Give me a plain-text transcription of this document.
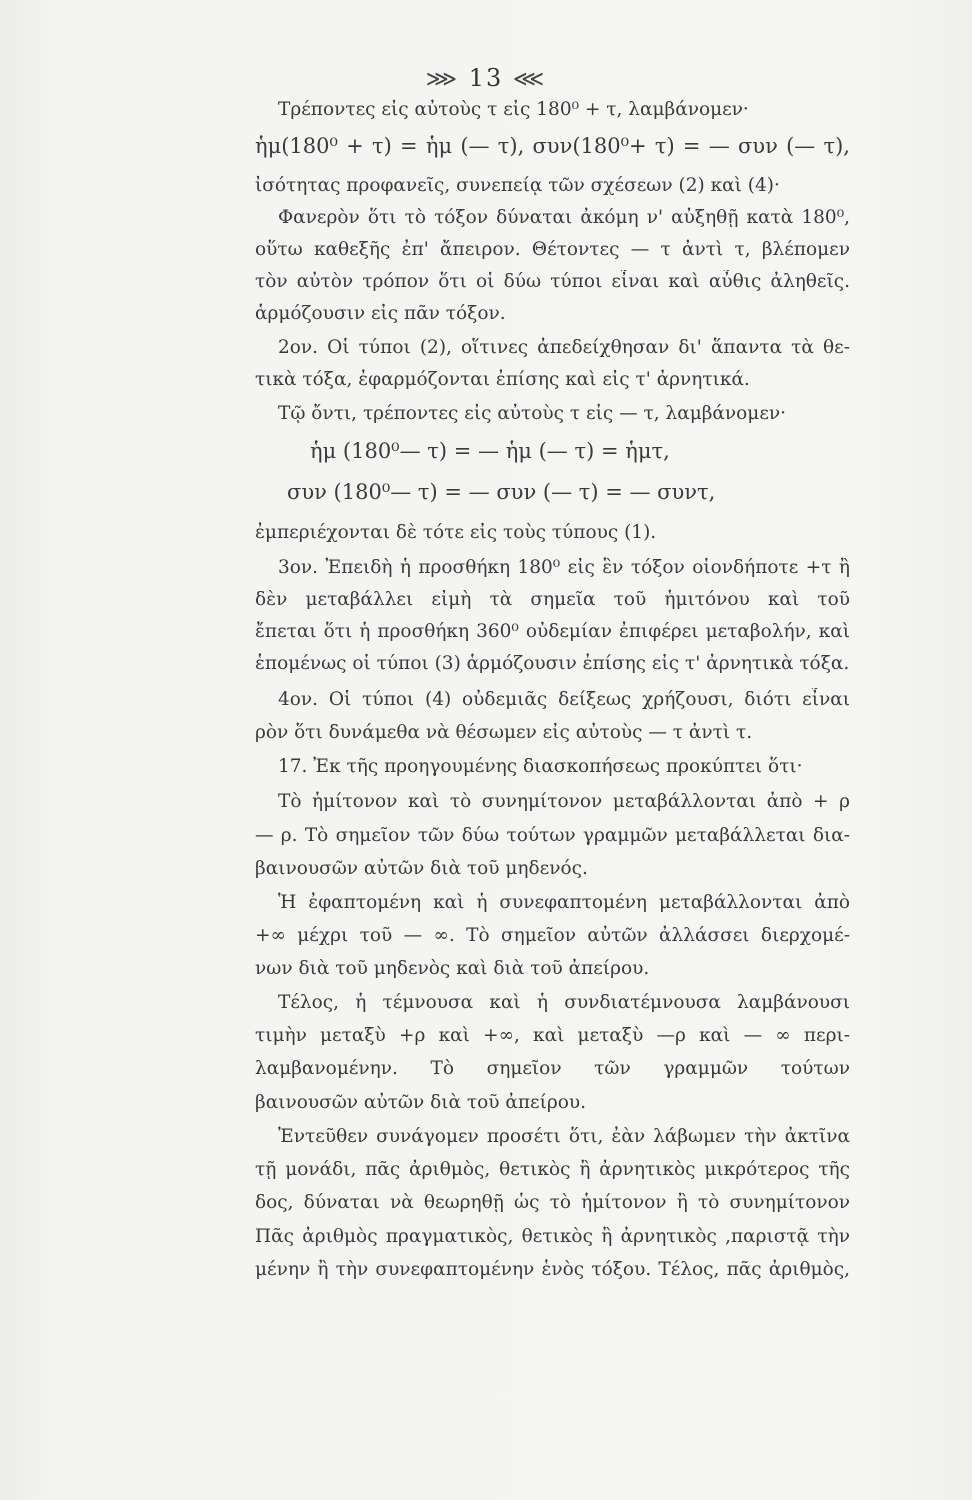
⋙ 13 ⋘
Τρέποντες εἰς αὐτοὺς τ εἰς 180⁰ + τ, λαμβάνομεν·
ἡμ(180⁰ + τ) = ἡμ (— τ), συν(180⁰+ τ) = — συν (— τ),
ἰσότητας προφανεῖς, συνεπείᾳ τῶν σχέσεων (2) καὶ (4)·
Φανερὸν ὅτι τὸ τόξον δύναται ἀκόμη ν' αὐξηθῇ κατὰ 180⁰,
οὕτω καθεξῆς ἐπ' ἄπειρον. Θέτοντες — τ ἀντὶ τ, βλέπομεν
τὸν αὐτὸν τρόπον ὅτι οἱ δύω τύποι εἶναι καὶ αὖθις ἀληθεῖς.
ἁρμόζουσιν εἰς πᾶν τόξον.
2ον. Οἱ τύποι (2), οἵτινες ἀπεδείχθησαν δι' ἅπαντα τὰ θε-
τικὰ τόξα, ἐφαρμόζονται ἐπίσης καὶ εἰς τ' ἀρνητικά.
Τῷ ὄντι, τρέποντες εἰς αὐτοὺς τ εἰς — τ, λαμβάνομεν·
ἡμ (180⁰— τ) = — ἡμ (— τ) = ἡμτ,
συν (180⁰— τ) = — συν (— τ) = — συντ,
ἐμπεριέχονται δὲ τότε εἰς τοὺς τύπους (1).
3ον. Ἐπειδὴ ἡ προσθήκη 180⁰ εἰς ἓν τόξον οἱονδήποτε +τ ἢ
δὲν μεταβάλλει εἰμὴ τὰ σημεῖα τοῦ ἡμιτόνου καὶ τοῦ
ἔπεται ὅτι ἡ προσθήκη 360⁰ οὐδεμίαν ἐπιφέρει μεταβολήν, καὶ
ἑπομένως οἱ τύποι (3) ἁρμόζουσιν ἐπίσης εἰς τ' ἀρνητικὰ τόξα.
4ον. Οἱ τύποι (4) οὐδεμιᾶς δείξεως χρήζουσι, διότι εἶναι
ρὸν ὅτι δυνάμεθα νὰ θέσωμεν εἰς αὐτοὺς — τ ἀντὶ τ.
17. Ἐκ τῆς προηγουμένης διασκοπήσεως προκύπτει ὅτι·
Τὸ ἡμίτονον καὶ τὸ συνημίτονον μεταβάλλονται ἀπὸ + ρ
— ρ. Τὸ σημεῖον τῶν δύω τούτων γραμμῶν μεταβάλλεται δια-
βαινουσῶν αὐτῶν διὰ τοῦ μηδενός.
Ἡ ἐφαπτομένη καὶ ἡ συνεφαπτομένη μεταβάλλονται ἀπὸ
+∞ μέχρι τοῦ — ∞. Τὸ σημεῖον αὐτῶν ἀλλάσσει διερχομέ-
νων διὰ τοῦ μηδενὸς καὶ διὰ τοῦ ἀπείρου.
Τέλος, ἡ τέμνουσα καὶ ἡ συνδιατέμνουσα λαμβάνουσι
τιμὴν μεταξὺ +ρ καὶ +∞, καὶ μεταξὺ —ρ καὶ — ∞ περι-
λαμβανομένην. Τὸ σημεῖον τῶν γραμμῶν τούτων
βαινουσῶν αὐτῶν διὰ τοῦ ἀπείρου.
Ἐντεῦθεν συνάγομεν προσέτι ὅτι, ἐὰν λάβωμεν τὴν ἀκτῖνα
τῇ μονάδι, πᾶς ἀριθμὸς, θετικὸς ἢ ἀρνητικὸς μικρότερος τῆς
δος, δύναται νὰ θεωρηθῇ ὡς τὸ ἡμίτονον ἢ τὸ συνημίτονον
Πᾶς ἀριθμὸς πραγματικὸς, θετικὸς ἢ ἀρνητικὸς ,παριστᾷ τὴν
μένην ἢ τὴν συνεφαπτομένην ἑνὸς τόξου. Τέλος, πᾶς ἀριθμὸς,
